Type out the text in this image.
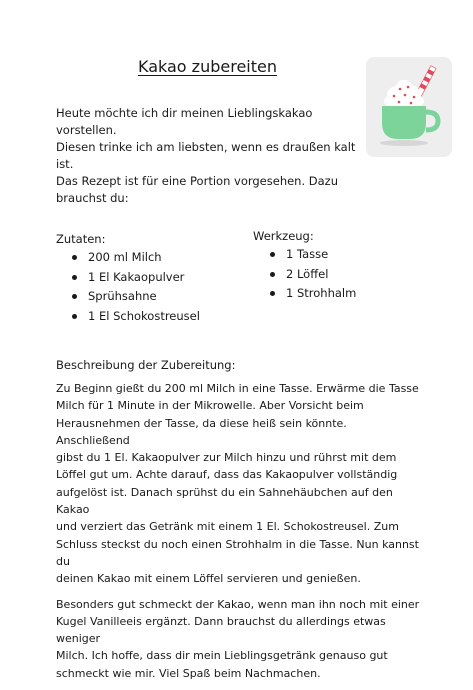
Kakao zubereiten

Heute möchte ich dir meinen Lieblingskakao vorstellen.

Diesen trinke ich am liebsten, wenn es draußen kalt ist.

Das Rezept ist für eine Portion vorgesehen. Dazu

brauchst du:

Zutaten:
200 ml Milch
1 El Kakaopulver
Sprühsahne
1 El Schokostreusel
Werkzeug:
1 Tasse
2 Löffel
1 Strohhalm
Beschreibung der Zubereitung:

Zu Beginn gießt du 200 ml Milch in eine Tasse. Erwärme die Tasse
Milch für 1 Minute in der Mikrowelle. Aber Vorsicht beim
Herausnehmen der Tasse, da diese heiß sein könnte. Anschließend
gibst du 1 El. Kakaopulver zur Milch hinzu und rührst mit dem
Löffel gut um. Achte darauf, dass das Kakaopulver vollständig
aufgelöst ist. Danach sprühst du ein Sahnehäubchen auf den Kakao
und verziert das Getränk mit einem 1 El. Schokostreusel. Zum
Schluss steckst du noch einen Strohhalm in die Tasse. Nun kannst du
deinen Kakao mit einem Löffel servieren und genießen.

Besonders gut schmeckt der Kakao, wenn man ihn noch mit einer
Kugel Vanilleeis ergänzt. Dann brauchst du allerdings etwas weniger
Milch. Ich hoffe, dass dir mein Lieblingsgetränk genauso gut
schmeckt wie mir. Viel Spaß beim Nachmachen.
